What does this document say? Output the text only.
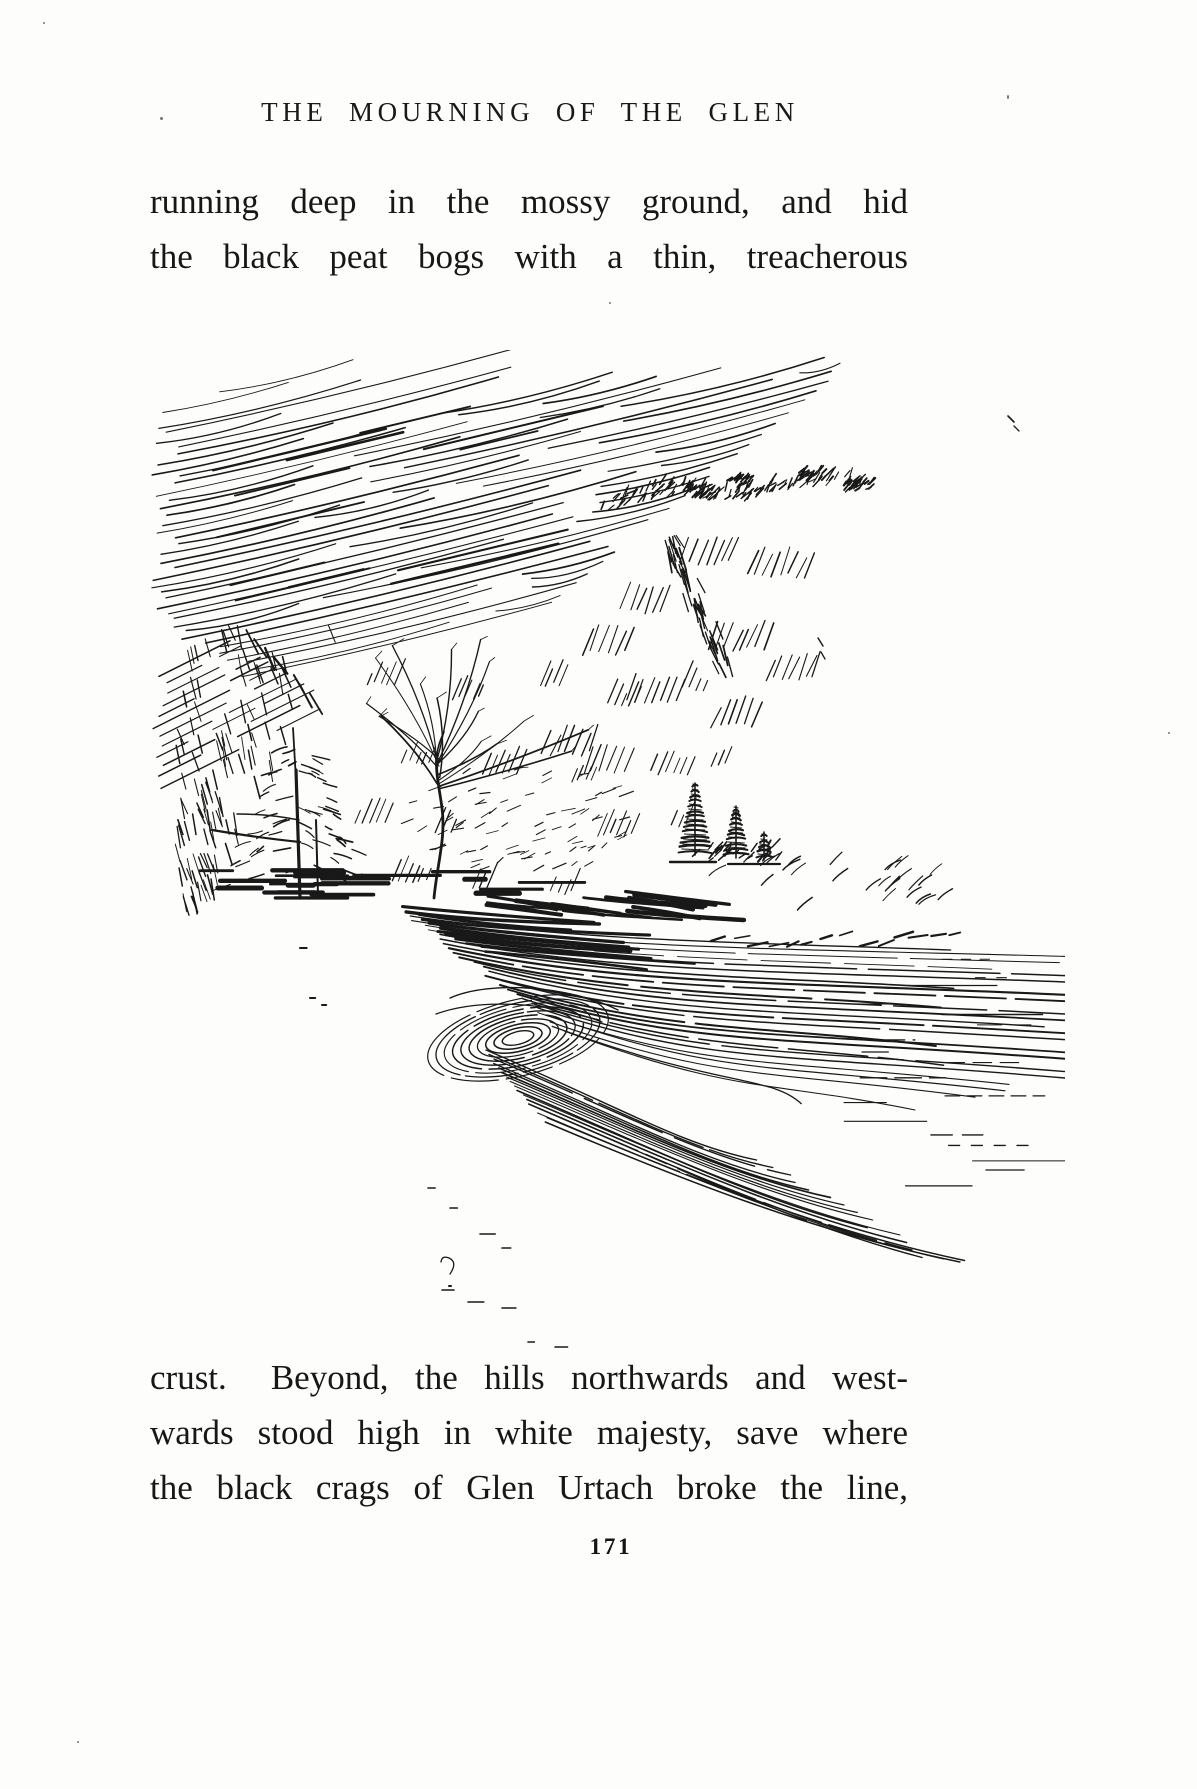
THE MOURNING OF THE GLEN
running deep in the mossy ground, and hid
the black peat bogs with a thin, treacherous
crust.  Beyond, the hills northwards and west-
wards stood high in white majesty, save where
the black crags of Glen Urtach broke the line,
171
